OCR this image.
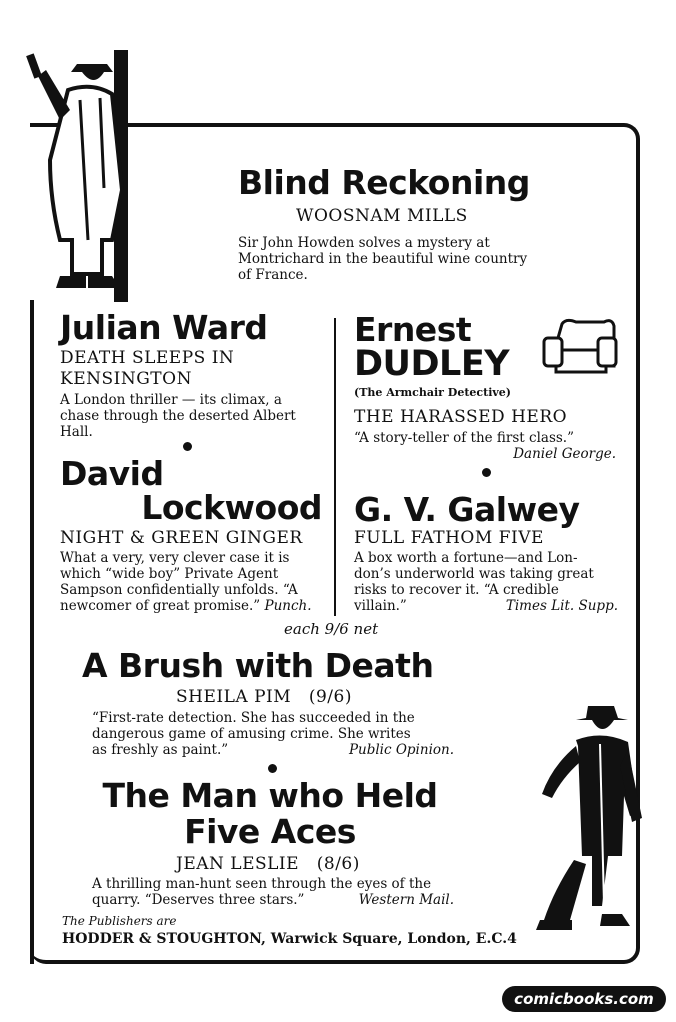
Blind Reckoning
WOOSNAM MILLS
Sir John Howden solves a mystery at
Montrichard in the beautiful wine country
of France.
Julian Ward
DEATH SLEEPS IN
KENSINGTON
A London thriller — its climax, a
chase through the deserted Albert
Hall.
Ernest
DUDLEY
(The Armchair Detective)
THE HARASSED HERO
“A story-teller of the first class.”
Daniel George.
David
Lockwood
NIGHT & GREEN GINGER
What a very, very clever case it is
which “wide boy” Private Agent
Sampson confidentially unfolds. “A
newcomer of great promise.” Punch.
G. V. Galwey
FULL FATHOM FIVE
A box worth a fortune—and Lon-
don’s underworld was taking great
risks to recover it. “A credible
villain.”	Times Lit. Supp.
each 9/6 net
A Brush with Death
SHEILA PIM   (9/6)
“First-rate detection. She has succeeded in the
dangerous game of amusing crime. She writes
as freshly as paint.”	Public Opinion.
The Man who Held
Five Aces
JEAN LESLIE   (8/6)
A thrilling man-hunt seen through the eyes of the
quarry. “Deserves three stars.”	Western Mail.
The Publishers are
HODDER & STOUGHTON, Warwick Square, London, E.C.4
comicbooks.com
